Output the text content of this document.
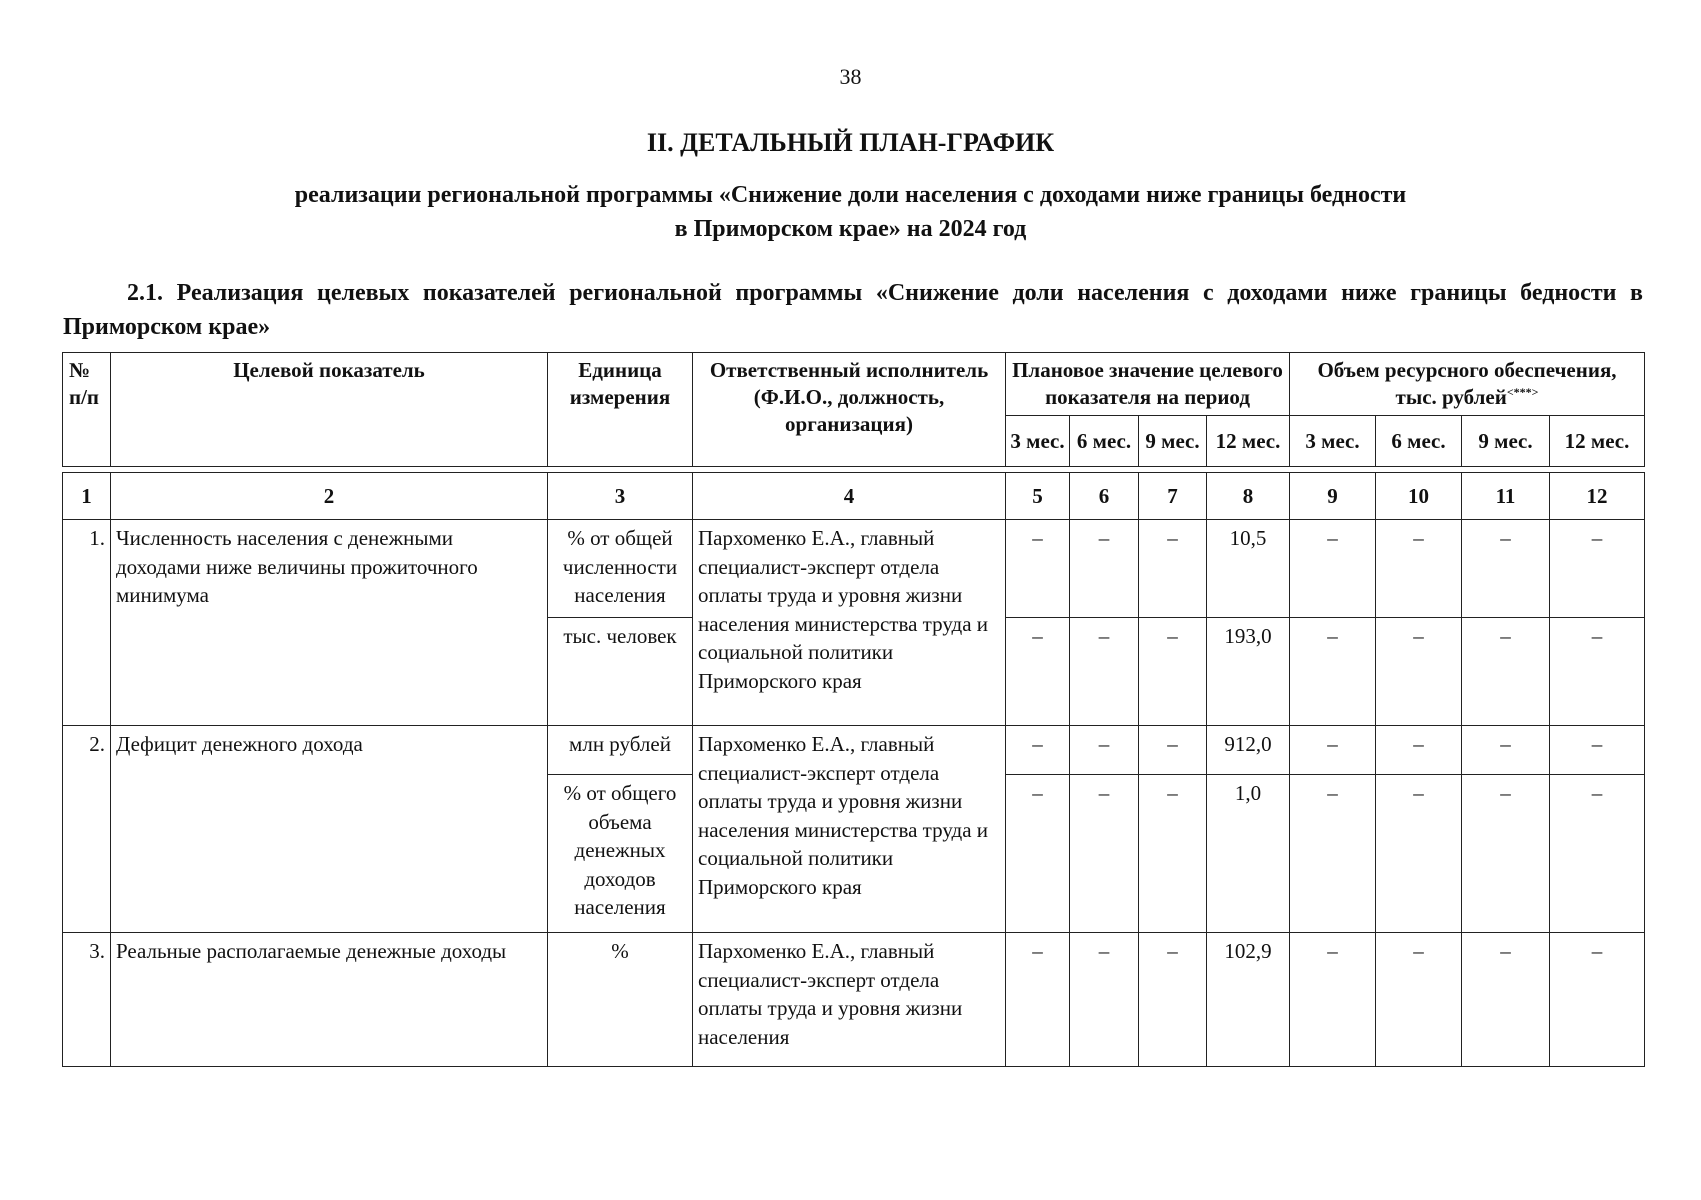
38
II. ДЕТАЛЬНЫЙ ПЛАН-ГРАФИК
реализации региональной программы «Снижение доли населения с доходами ниже границы бедности
в Приморском крае» на 2024 год
2.1. Реализация целевых показателей региональной программы «Снижение доли населения с доходами ниже границы бедности в Приморском крае»
№ п/п	Целевой показатель	Единица измерения	Ответственный исполнитель (Ф.И.О., должность, организация)	Плановое значение целевого показателя на период				Объем ресурсного обеспечения, тыс. рублей<***>
				3 мес.	6 мес.	9 мес.	12 мес.	3 мес.	6 мес.	9 мес.	12 мес.

1	2	3	4	5	6	7	8	9	10	11	12
1.	Численность населения с денежными доходами ниже величины прожиточного минимума	% от общей численности населения	Пархоменко Е.А., главный специалист-эксперт отдела оплаты труда и уровня жизни населения министерства труда и социальной политики Приморского края	–	–	–	10,5	–	–	–	–
		тыс. человек		–	–	–	193,0	–	–	–	–
2.	Дефицит денежного дохода	млн рублей	Пархоменко Е.А., главный специалист-эксперт отдела оплаты труда и уровня жизни населения министерства труда и социальной политики Приморского края	–	–	–	912,0	–	–	–	–
		% от общего объема денежных доходов населения		–	–	–	1,0	–	–	–	–
3.	Реальные располагаемые денежные доходы	%	Пархоменко Е.А., главный специалист-эксперт отдела оплаты труда и уровня жизни населения	–	–	–	102,9	–	–	–	–
